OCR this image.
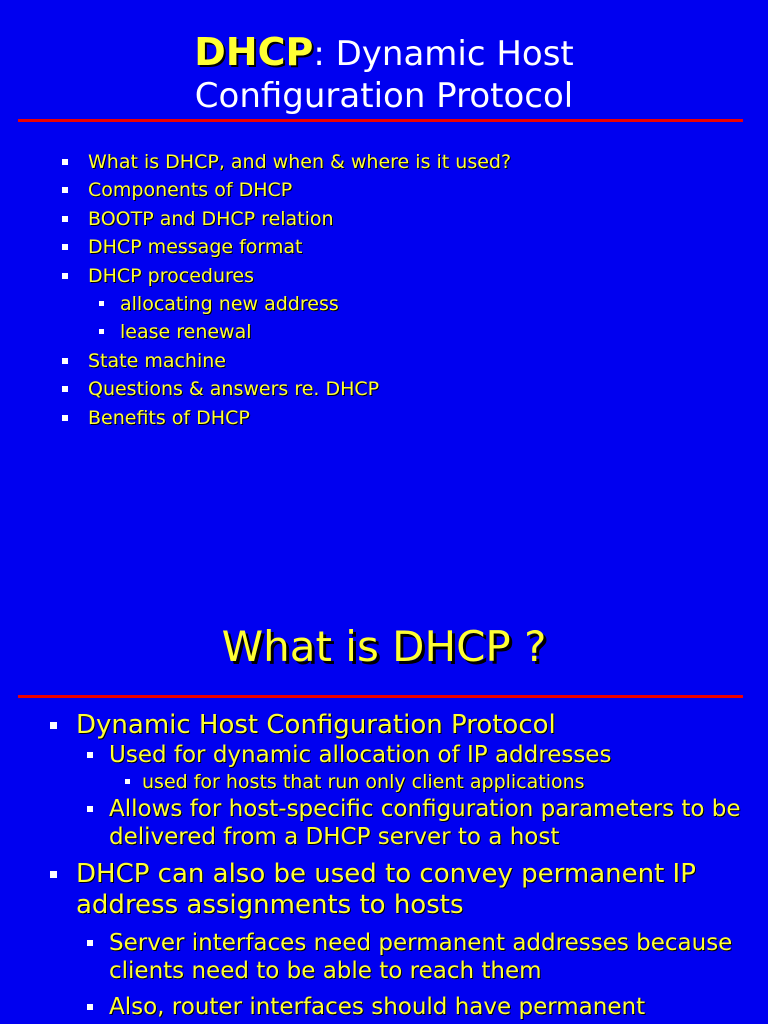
DHCP: Dynamic Host
Configuration Protocol
What is DHCP, and when & where is it used?
Components of DHCP
BOOTP and DHCP relation
DHCP message format
DHCP procedures
allocating new address
lease renewal
State machine
Questions & answers re. DHCP
Benefits of DHCP
What is DHCP ?
Dynamic Host Configuration Protocol
Used for dynamic allocation of IP addresses
used for hosts that run only client applications
Allows for host-specific configuration parameters to be delivered from a DHCP server to a host
DHCP can also be used to convey permanent IP address assignments to hosts
Server interfaces need permanent addresses because clients need to be able to reach them
Also, router interfaces should have permanent
